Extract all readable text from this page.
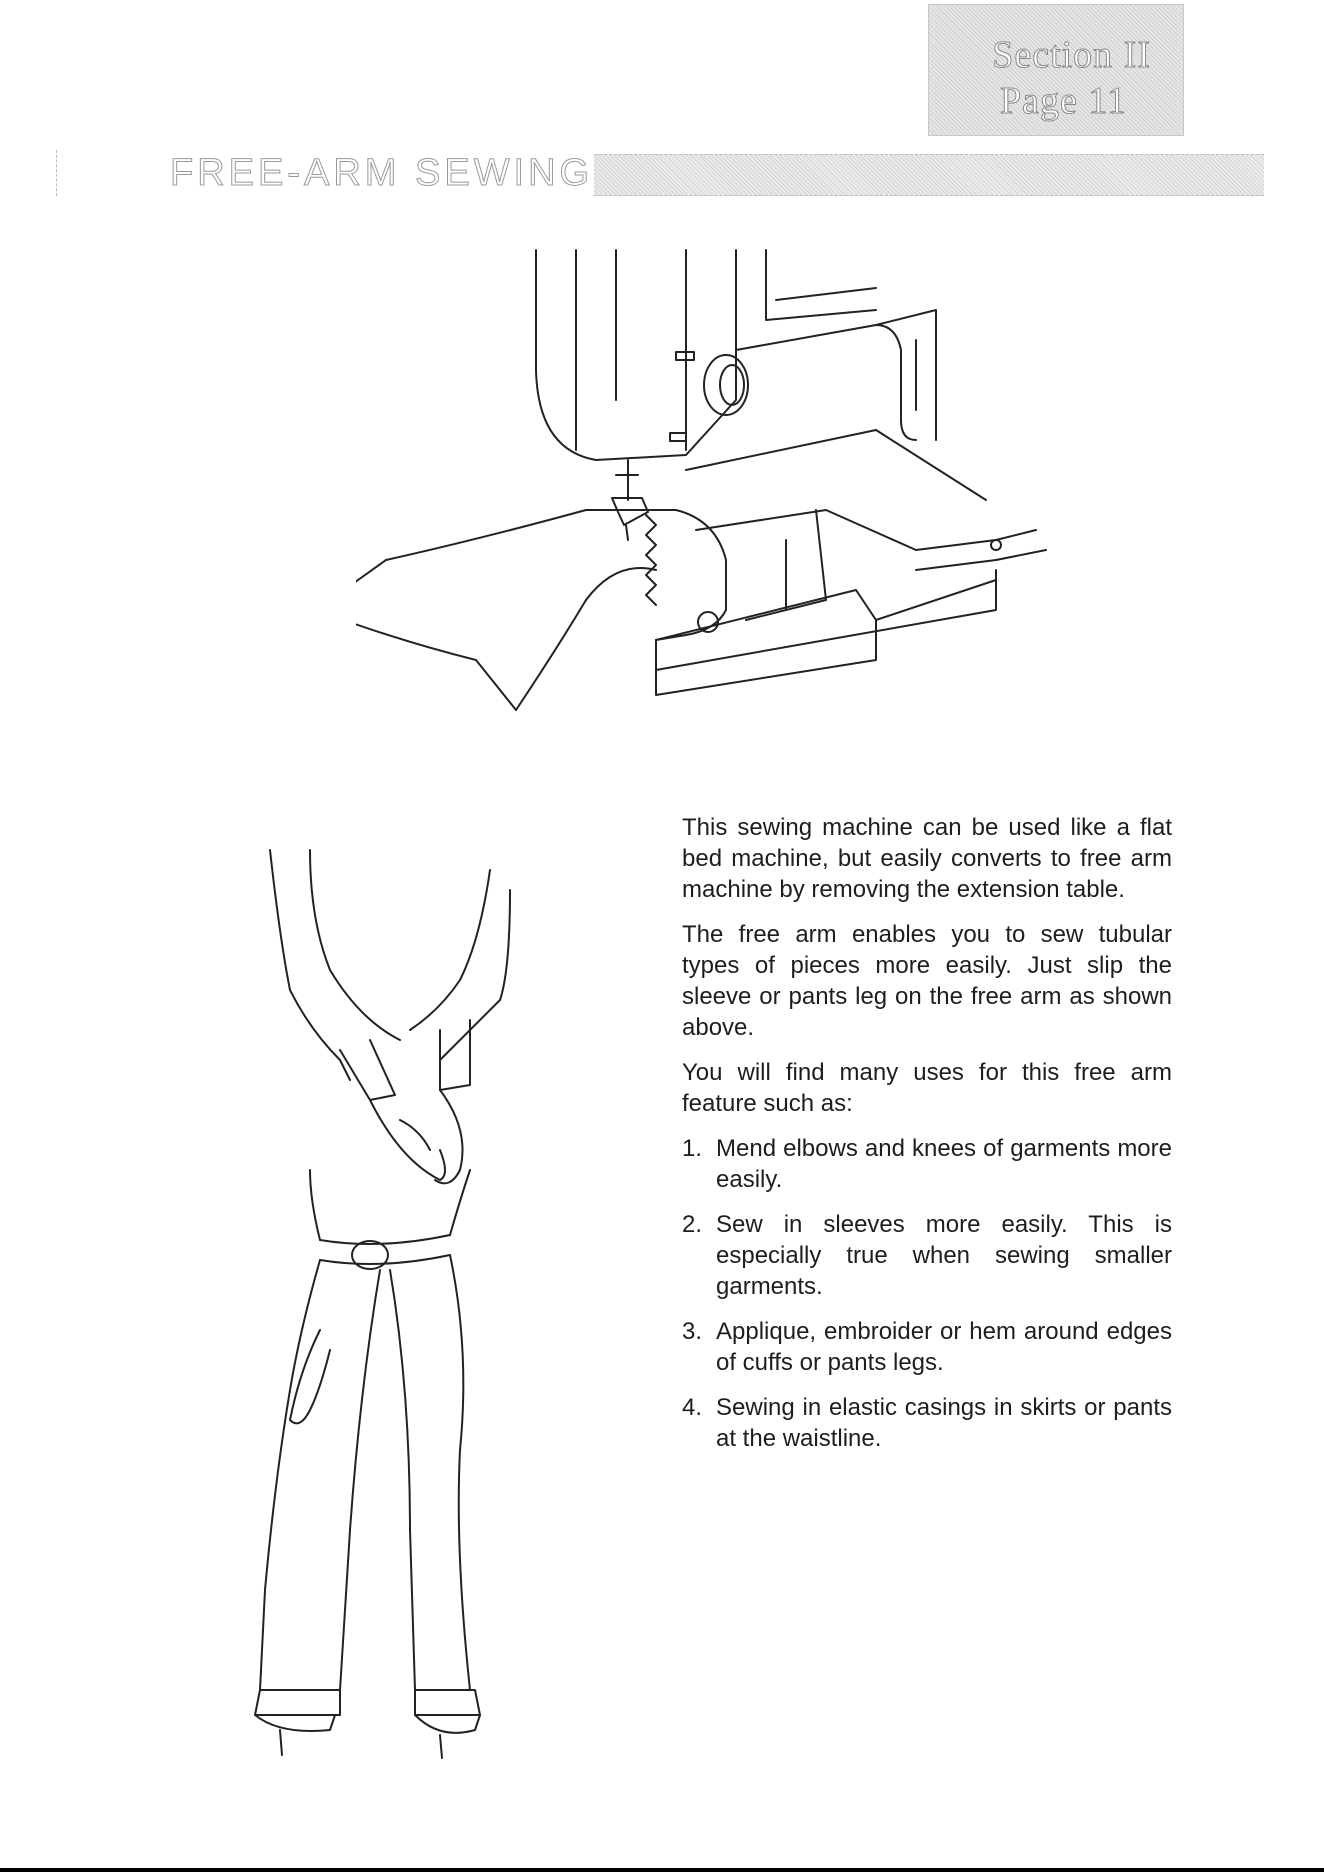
Section II
Page 11
FREE-ARM SEWING

This sewing machine can be used like a flat bed machine, but easily converts to free arm machine by removing the extension table.

The free arm enables you to sew tubular types of pieces more easily. Just slip the sleeve or pants leg on the free arm as shown above.

You will find many uses for this free arm feature such as:

1. Mend elbows and knees of garments more easily.
2. Sew in sleeves more easily. This is especially true when sewing smaller garments.
3. Applique, embroider or hem around edges of cuffs or pants legs.
4. Sewing in elastic casings in skirts or pants at the waistline.
